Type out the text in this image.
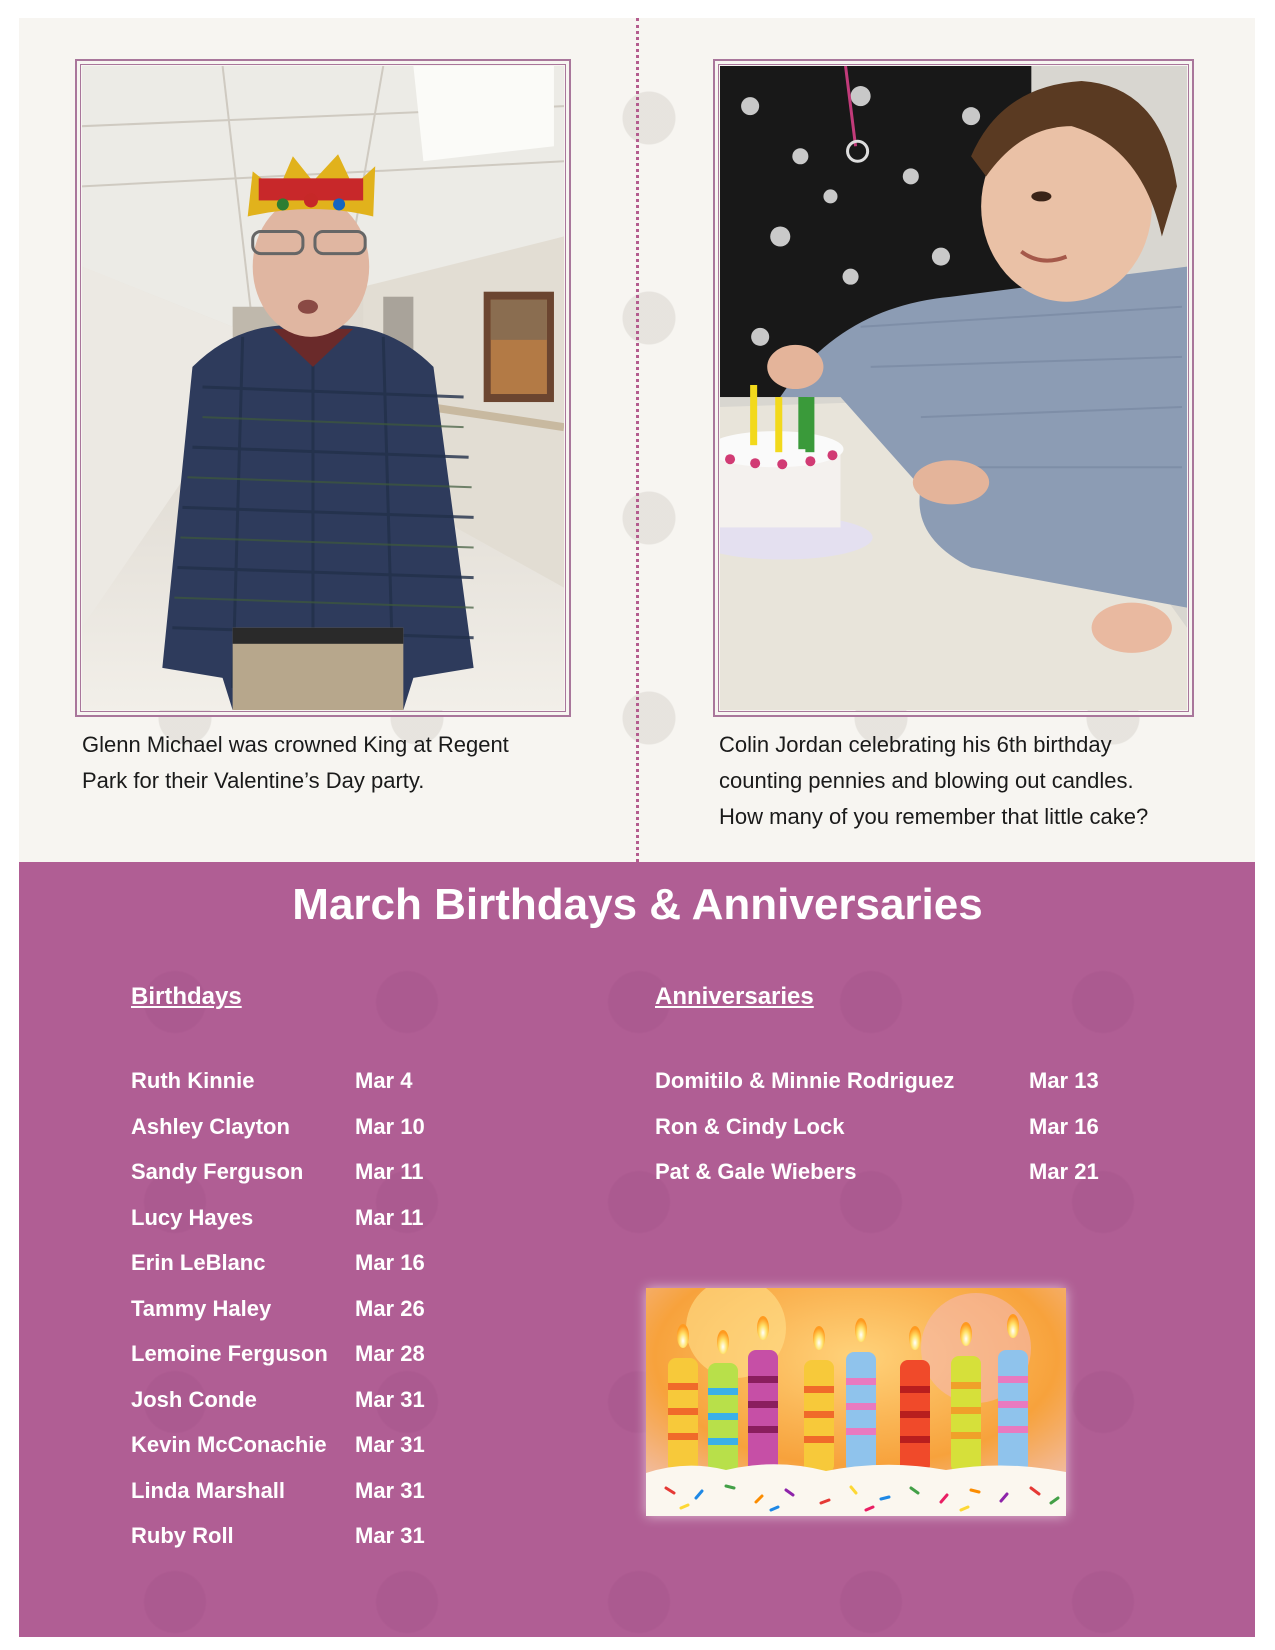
Glenn Michael was crowned King at Regent
Park for their Valentine’s Day party.

Colin Jordan celebrating his 6th birthday
counting pennies and blowing out candles.
How many of you remember that little cake?

March Birthdays & Anniversaries
Birthdays	Anniversaries
Ruth Kinnie	Mar 4
Ashley Clayton	Mar 10
Sandy Ferguson Mar 11
Lucy Hayes	Mar 11
Erin LeBlanc	Mar 16
Tammy Haley	Mar 26
Lemoine Ferguson Mar 28
Josh Conde	Mar 31
Kevin McConachie Mar 31
Linda Marshall	Mar 31
Ruby Roll	Mar 31
Domitilo & Minnie Rodriguez	Mar 13
Ron & Cindy Lock	Mar 16
Pat & Gale Wiebers	Mar 21
